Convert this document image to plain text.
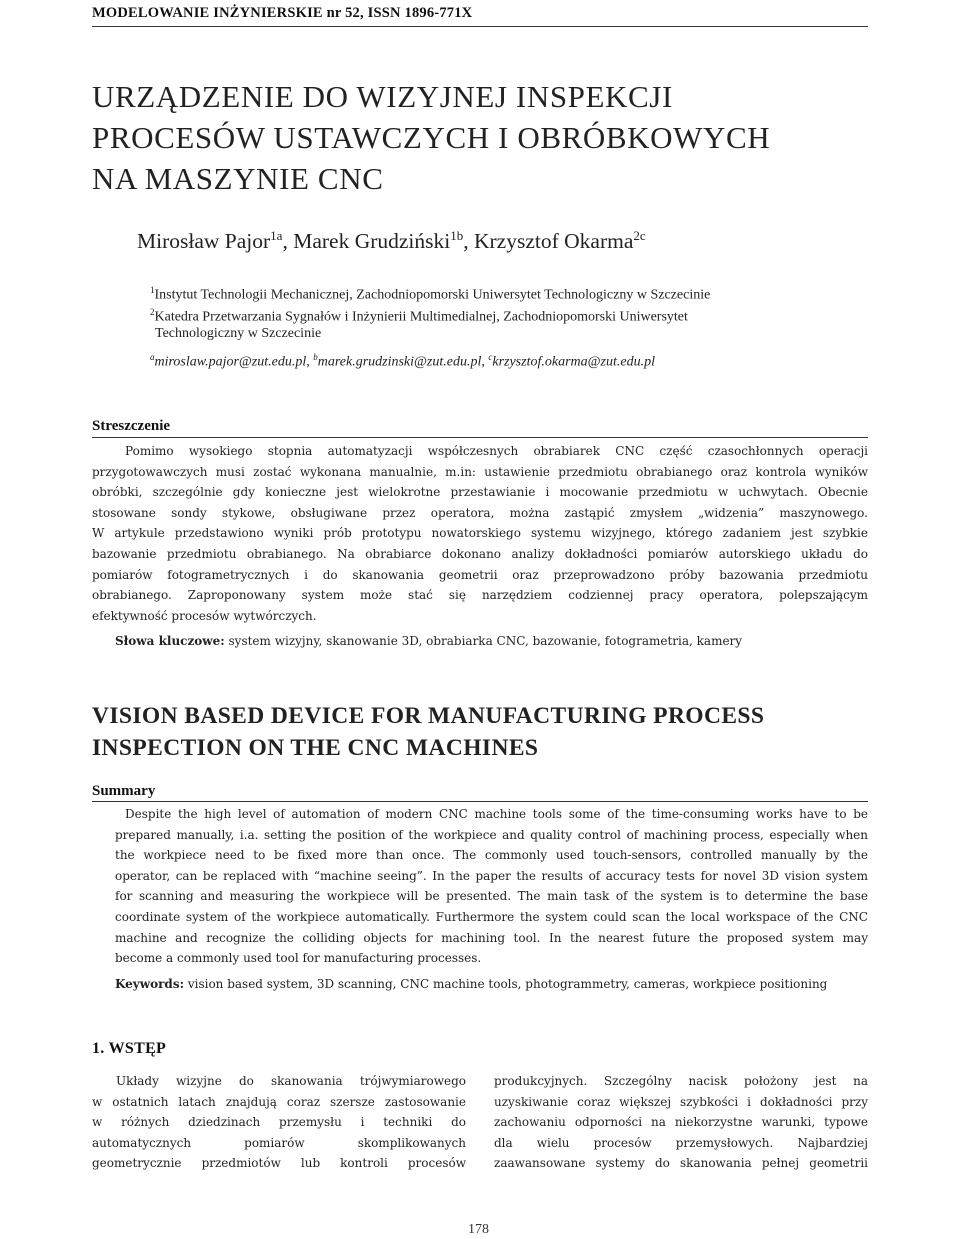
MODELOWANIE INŻYNIERSKIE nr 52, ISSN 1896-771X
URZĄDZENIE DO WIZYJNEJ INSPEKCJI
PROCESÓW USTAWCZYCH I OBRÓBKOWYCH
NA MASZYNIE CNC
Mirosław Pajor$^{1a}$, Marek Grudziński$^{1b}$, Krzysztof Okarma$^{2c}$
$^1$Instytut Technologii Mechanicznej, Zachodniopomorski Uniwersytet Technologiczny w Szczecinie
$^2$Katedra Przetwarzania Sygnałów i Inżynierii Multimedialnej, Zachodniopomorski Uniwersytet
Technologiczny w Szczecinie
$^a$miroslaw.pajor@zut.edu.pl, $^b$marek.grudzinski@zut.edu.pl, $^c$krzysztof.okarma@zut.edu.pl
Streszczenie
Pomimo wysokiego stopnia automatyzacji współczesnych obrabiarek CNC część czasochłonnych operacji
przygotowawczych musi zostać wykonana manualnie, m.in: ustawienie przedmiotu obrabianego oraz kontrola wyników
obróbki, szczególnie gdy konieczne jest wielokrotne przestawianie i mocowanie przedmiotu w uchwytach. Obecnie
stosowane sondy stykowe, obsługiwane przez operatora, można zastąpić zmysłem „widzenia” maszynowego.
W artykule przedstawiono wyniki prób prototypu nowatorskiego systemu wizyjnego, którego zadaniem jest szybkie
bazowanie przedmiotu obrabianego. Na obrabiarce dokonano analizy dokładności pomiarów autorskiego układu do
pomiarów fotogrametrycznych i do skanowania geometrii oraz przeprowadzono próby bazowania przedmiotu
obrabianego. Zaproponowany system może stać się narzędziem codziennej pracy operatora, polepszającym
efektywność procesów wytwórczych.
Słowa kluczowe: system wizyjny, skanowanie 3D, obrabiarka CNC, bazowanie, fotogrametria, kamery
VISION BASED DEVICE FOR MANUFACTURING PROCESS
INSPECTION ON THE CNC MACHINES
Summary
Despite the high level of automation of modern CNC machine tools some of the time-consuming works have to be
prepared manually, i.a. setting the position of the workpiece and quality control of machining process, especially when
the workpiece need to be fixed more than once. The commonly used touch-sensors, controlled manually by the
operator, can be replaced with “machine seeing”. In the paper the results of accuracy tests for novel 3D vision system
for scanning and measuring the workpiece will be presented. The main task of the system is to determine the base
coordinate system of the workpiece automatically. Furthermore the system could scan the local workspace of the CNC
machine and recognize the colliding objects for machining tool. In the nearest future the proposed system may
become a commonly used tool for manufacturing processes.
Keywords: vision based system, 3D scanning, CNC machine tools, photogrammetry, cameras, workpiece positioning
1. WSTĘP
Układy wizyjne do skanowania trójwymiarowego
w ostatnich latach znajdują coraz szersze zastosowanie
w różnych dziedzinach przemysłu i techniki do
automatycznych pomiarów skomplikowanych
geometrycznie przedmiotów lub kontroli procesów
produkcyjnych. Szczególny nacisk położony jest na
uzyskiwanie coraz większej szybkości i dokładności przy
zachowaniu odporności na niekorzystne warunki, typowe
dla wielu procesów przemysłowych. Najbardziej
zaawansowane systemy do skanowania pełnej geometrii
178
